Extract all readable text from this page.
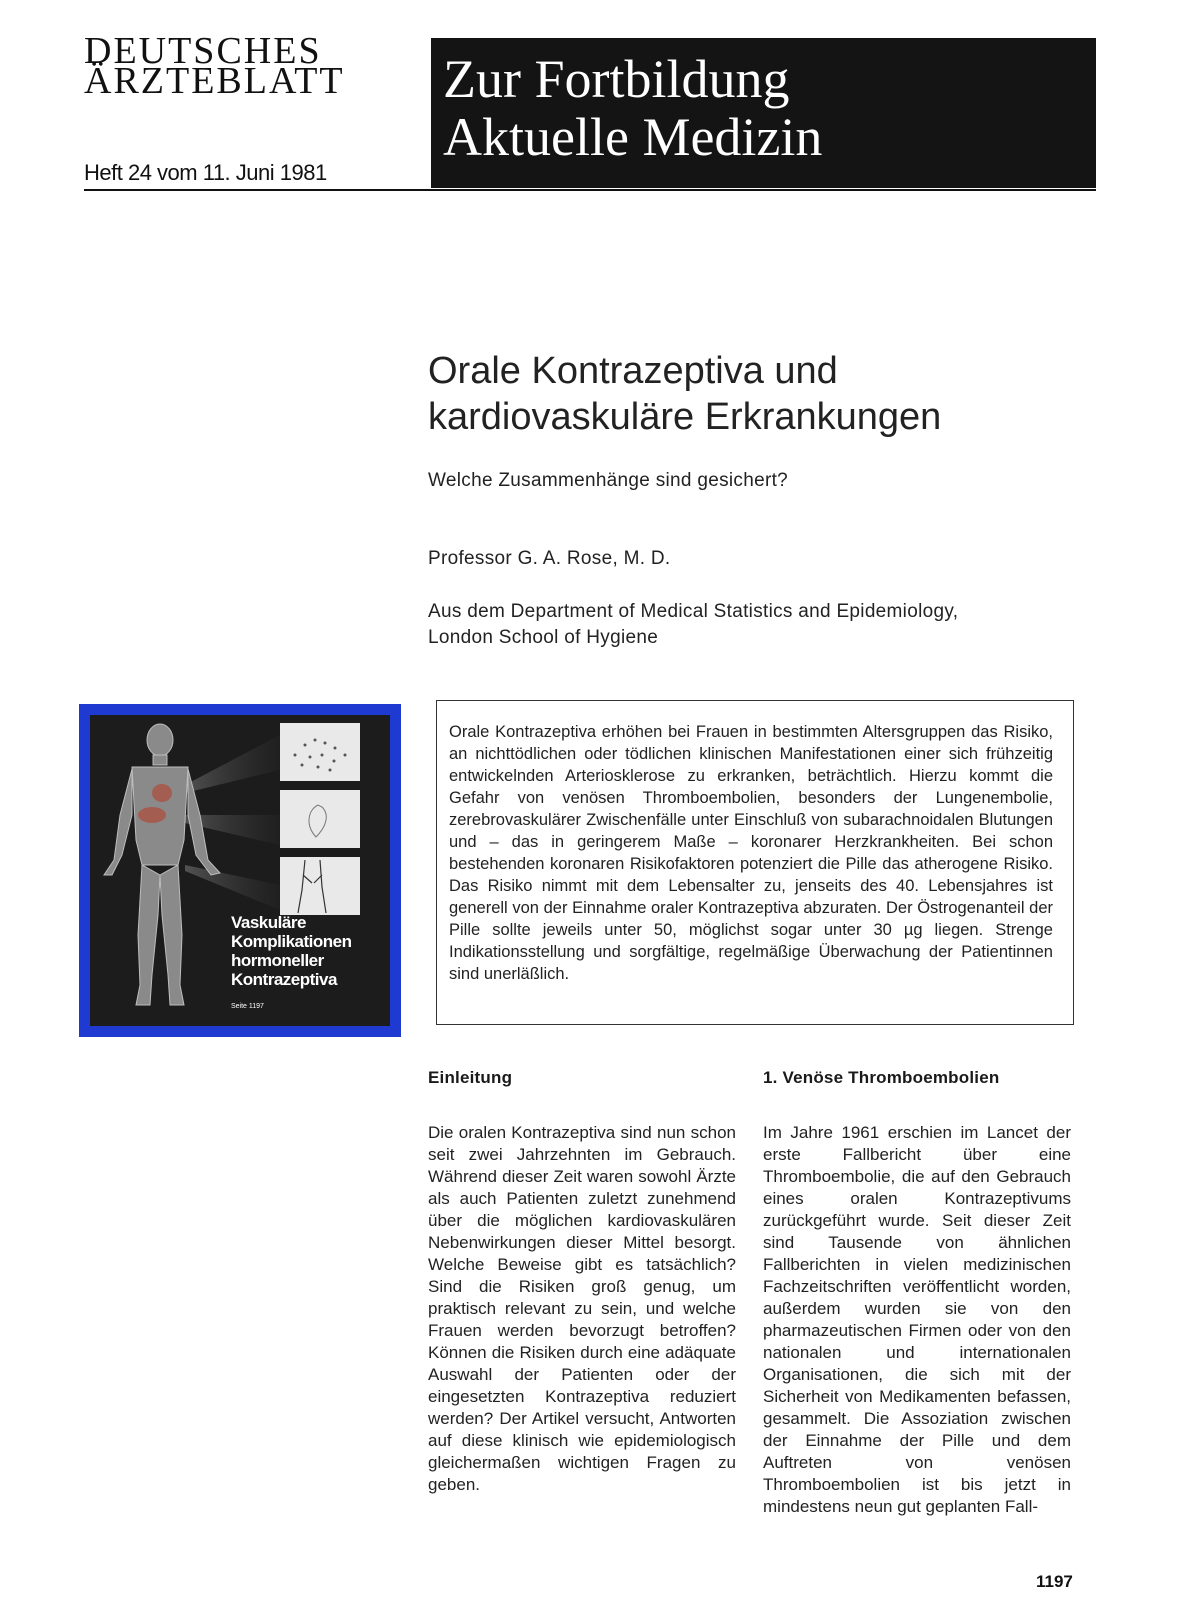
DEUTSCHES
ÄRZTEBLATT
Heft 24 vom 11. Juni 1981
Zur Fortbildung
Aktuelle Medizin
Orale Kontrazeptiva und
kardiovaskuläre Erkrankungen
Welche Zusammenhänge sind gesichert?
Professor G. A. Rose, M. D.
Aus dem Department of Medical Statistics and Epidemiology,
London School of Hygiene
Vaskuläre
Komplikationen
hormoneller
Kontrazeptiva
Seite 1197

Orale Kontrazeptiva erhöhen bei Frauen in bestimmten Altersgruppen das Risiko, an nichttödlichen oder tödlichen klinischen Manifestationen einer sich frühzeitig entwickelnden Arteriosklerose zu erkranken, beträchtlich. Hierzu kommt die Gefahr von venösen Thromboembolien, besonders der Lungenembolie, zerebrovaskulärer Zwischenfälle unter Einschluß von subarachnoidalen Blutungen und – das in geringerem Maße – koronarer Herzkrankheiten. Bei schon bestehenden koronaren Risikofaktoren potenziert die Pille das atherogene Risiko. Das Risiko nimmt mit dem Lebensalter zu, jenseits des 40. Lebensjahres ist generell von der Einnahme oraler Kontrazeptiva abzuraten. Der Östrogenanteil der Pille sollte jeweils unter 50, möglichst sogar unter 30 µg liegen. Strenge Indikationsstellung und sorgfältige, regelmäßige Überwachung der Patientinnen sind unerläßlich.

Einleitung

Die oralen Kontrazeptiva sind nun schon seit zwei Jahrzehnten im Gebrauch. Während dieser Zeit waren sowohl Ärzte als auch Patienten zuletzt zunehmend über die möglichen kardiovaskulären Nebenwirkungen dieser Mittel besorgt. Welche Beweise gibt es tatsächlich? Sind die Risiken groß genug, um praktisch relevant zu sein, und welche Frauen werden bevorzugt betroffen? Können die Risiken durch eine adäquate Auswahl der Patienten oder der eingesetzten Kontrazeptiva reduziert werden? Der Artikel versucht, Antworten auf diese klinisch wie epidemiologisch gleichermaßen wichtigen Fragen zu geben.

1. Venöse Thromboembolien

Im Jahre 1961 erschien im Lancet der erste Fallbericht über eine Thromboembolie, die auf den Gebrauch eines oralen Kontrazeptivums zurückgeführt wurde. Seit dieser Zeit sind Tausende von ähnlichen Fallberichten in vielen medizinischen Fachzeitschriften veröffentlicht worden, außerdem wurden sie von den pharmazeutischen Firmen oder von den nationalen und internationalen Organisationen, die sich mit der Sicherheit von Medikamenten befassen, gesammelt. Die Assoziation zwischen der Einnahme der Pille und dem Auftreten von venösen Thromboembolien ist bis jetzt in mindestens neun gut geplanten Fall-

1197
